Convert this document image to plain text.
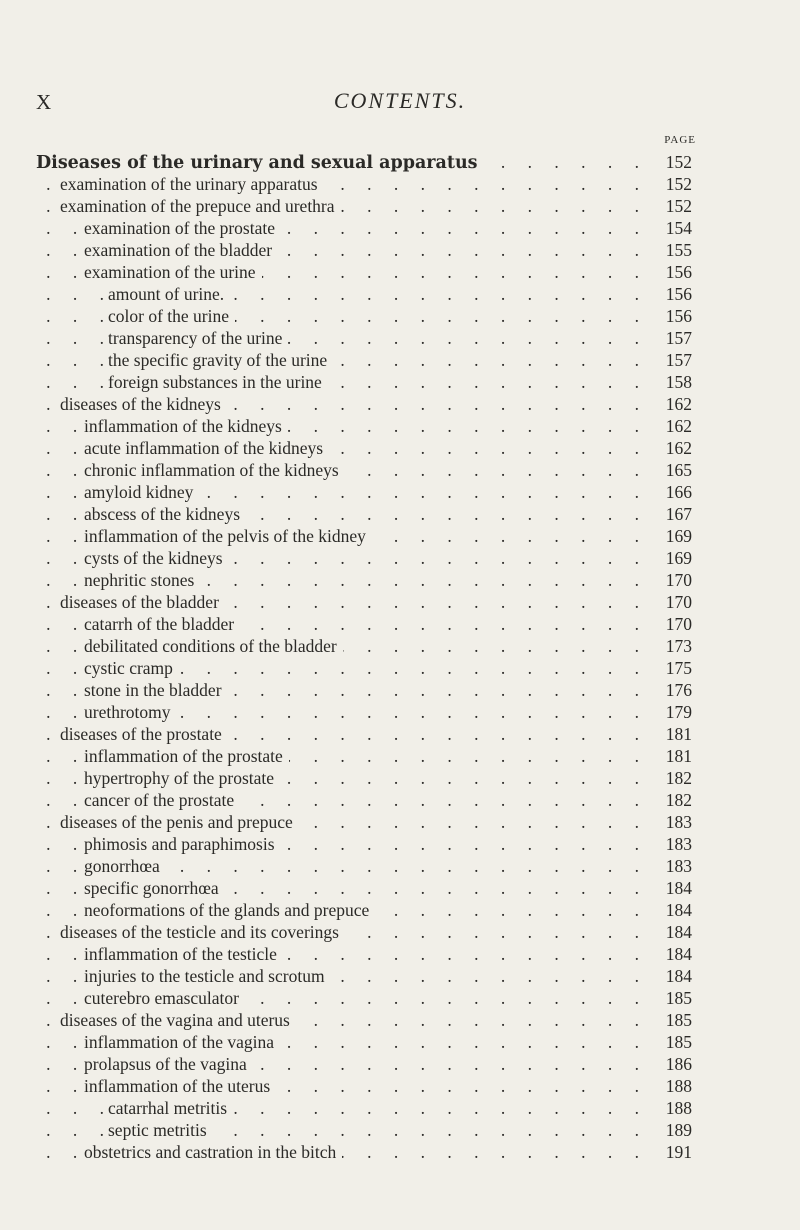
X	CONTENTS.
PAGE
Diseases of the urinary and sexual apparatus	152
. . .
examination of the urinary apparatus	152
. . .
examination of the prepuce and urethra	152
. . .
examination of the prostate	154
. . .
examination of the bladder	155
. . .
examination of the urine	156
. . .
amount of urine.	156
. . .
color of the urine	156
. . .
transparency of the urine	157
. . .
the specific gravity of the urine	157
. . .
foreign substances in the urine	158
. . .
diseases of the kidneys	162
. . .
inflammation of the kidneys	162
. . .
acute inflammation of the kidneys	162
. . .
chronic inflammation of the kidneys	165
. . .
amyloid kidney	166
. . .
abscess of the kidneys	167
. . .
inflammation of the pelvis of the kidney	169
. . .
cysts of the kidneys	169
. . .
nephritic stones	170
. . .
diseases of the bladder	170
. . .
catarrh of the bladder	170
. . .
debilitated conditions of the bladder	173
. . .
cystic cramp	175
. . .
stone in the bladder	176
. . .
urethrotomy	179
. . .
diseases of the prostate	181
. . .
inflammation of the prostate	181
. . .
hypertrophy of the prostate	182
. . .
cancer of the prostate	182
. . .
diseases of the penis and prepuce	183
. . .
phimosis and paraphimosis	183
. . .
gonorrhœa	183
. . .
specific gonorrhœa	184
. . .
neoformations of the glands and prepuce	184
. . .
diseases of the testicle and its coverings	184
. . .
inflammation of the testicle	184
. . .
injuries to the testicle and scrotum	184
. . .
cuterebro emasculator	185
. . .
diseases of the vagina and uterus	185
. . .
inflammation of the vagina	185
. . .
prolapsus of the vagina	186
. . .
inflammation of the uterus	188
. . .
catarrhal metritis	188
. . .
septic metritis	189
. . .
obstetrics and castration in the bitch	191
. . .
